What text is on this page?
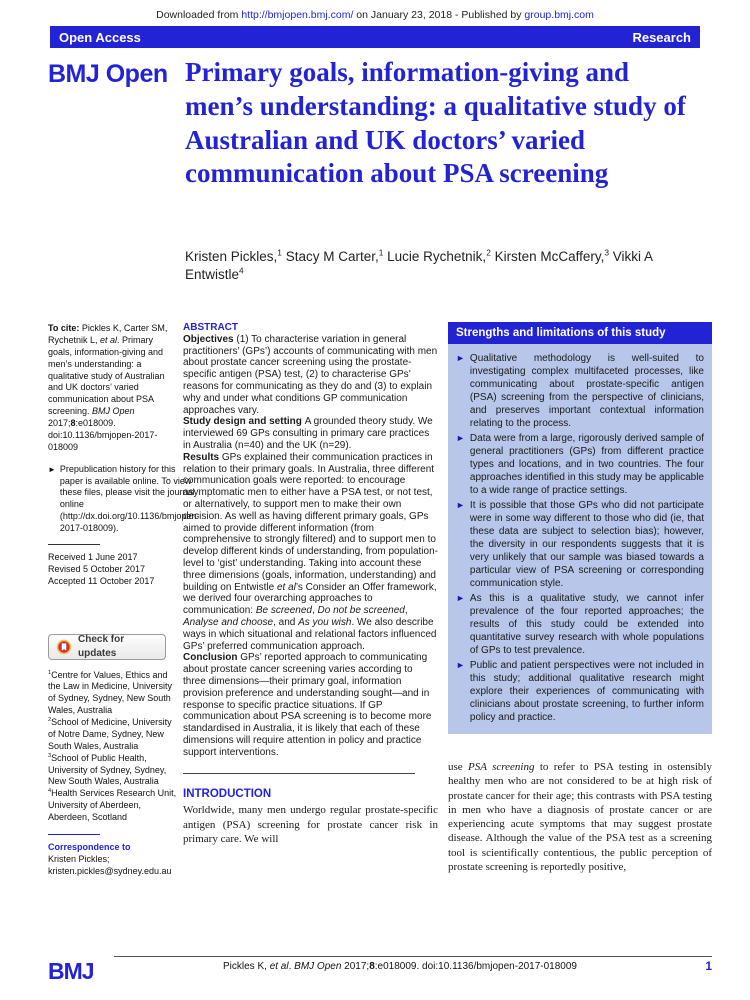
Downloaded from http://bmjopen.bmj.com/ on January 23, 2018 - Published by group.bmj.com
Open Access	Research
BMJ Open Primary goals, information-giving and men’s understanding: a qualitative study of Australian and UK doctors’ varied communication about PSA screening
Kristen Pickles,$^1$ Stacy M Carter,$^1$ Lucie Rychetnik,$^2$ Kirsten McCaffery,$^3$ Vikki A Entwistle$^4$

To cite: Pickles K, Carter SM, Rychetnik L, et al. Primary goals, information-giving and men’s understanding: a qualitative study of Australian and UK doctors’ varied communication about PSA screening. BMJ Open 2017;8:e018009. doi:10.1136/bmjopen-2017-018009

► Prepublication history for this paper is available online. To view these files, please visit the journal online (http://dx.doi.org/10.1136/bmjopen-2017-018009).

Received 1 June 2017

Revised 5 October 2017

Accepted 11 October 2017

Check for updates

$^1$Centre for Values, Ethics and the Law in Medicine, University of Sydney, Sydney, New South Wales, Australia

$^2$School of Medicine, University of Notre Dame, Sydney, New South Wales, Australia

$^3$School of Public Health, University of Sydney, Sydney, New South Wales, Australia

$^4$Health Services Research Unit, University of Aberdeen, Aberdeen, Scotland

Correspondence to

Kristen Pickles;

kristen.pickles@sydney.edu.au

ABSTRACT

Objectives (1) To characterise variation in general practitioners’ (GPs’) accounts of communicating with men about prostate cancer screening using the prostate-specific antigen (PSA) test, (2) to characterise GPs’ reasons for communicating as they do and (3) to explain why and under what conditions GP communication approaches vary.

Study design and setting A grounded theory study. We interviewed 69 GPs consulting in primary care practices in Australia (n=40) and the UK (n=29).

Results GPs explained their communication practices in relation to their primary goals. In Australia, three different communication goals were reported: to encourage asymptomatic men to either have a PSA test, or not test, or alternatively, to support men to make their own decision. As well as having different primary goals, GPs aimed to provide different information (from comprehensive to strongly filtered) and to support men to develop different kinds of understanding, from population-level to ‘gist’ understanding. Taking into account these three dimensions (goals, information, understanding) and building on Entwistle et al’s Consider an Offer framework, we derived four overarching approaches to communication: Be screened, Do not be screened, Analyse and choose, and As you wish. We also describe ways in which situational and relational factors influenced GPs’ preferred communication approach.

Conclusion GPs’ reported approach to communicating about prostate cancer screening varies according to three dimensions—their primary goal, information provision preference and understanding sought—and in response to specific practice situations. If GP communication about PSA screening is to become more standardised in Australia, it is likely that each of these dimensions will require attention in policy and practice support interventions.

INTRODUCTION

Worldwide, many men undergo regular prostate-specific antigen (PSA) screening for prostate cancer risk in primary care. We will

Strengths and limitations of this study
► Qualitative methodology is well-suited to investigating complex multifaceted processes, like communicating about prostate-specific antigen (PSA) screening from the perspective of clinicians, and preserves important contextual information relating to the process.
► Data were from a large, rigorously derived sample of general practitioners (GPs) from different practice types and locations, and in two countries. The four approaches identified in this study may be applicable to a wide range of practice settings.
► It is possible that those GPs who did not participate were in some way different to those who did (ie, that these data are subject to selection bias); however, the diversity in our respondents suggests that it is very unlikely that our sample was biased towards a particular view of PSA screening or corresponding communication style.
► As this is a qualitative study, we cannot infer prevalence of the four reported approaches; the results of this study could be extended into quantitative survey research with whole populations of GPs to test prevalence.
► Public and patient perspectives were not included in this study; additional qualitative research might explore their experiences of communicating with clinicians about prostate screening, to further inform policy and practice.

use PSA screening to refer to PSA testing in ostensibly healthy men who are not considered to be at high risk of prostate cancer for their age; this contrasts with PSA testing in men who have a diagnosis of prostate cancer or are experiencing acute symptoms that may suggest prostate disease. Although the value of the PSA test as a screening tool is scientifically contentious, the public perception of prostate screening is reportedly positive,

BMJ	Pickles K, et al. BMJ Open 2017;8:e018009. doi:10.1136/bmjopen-2017-018009	1
